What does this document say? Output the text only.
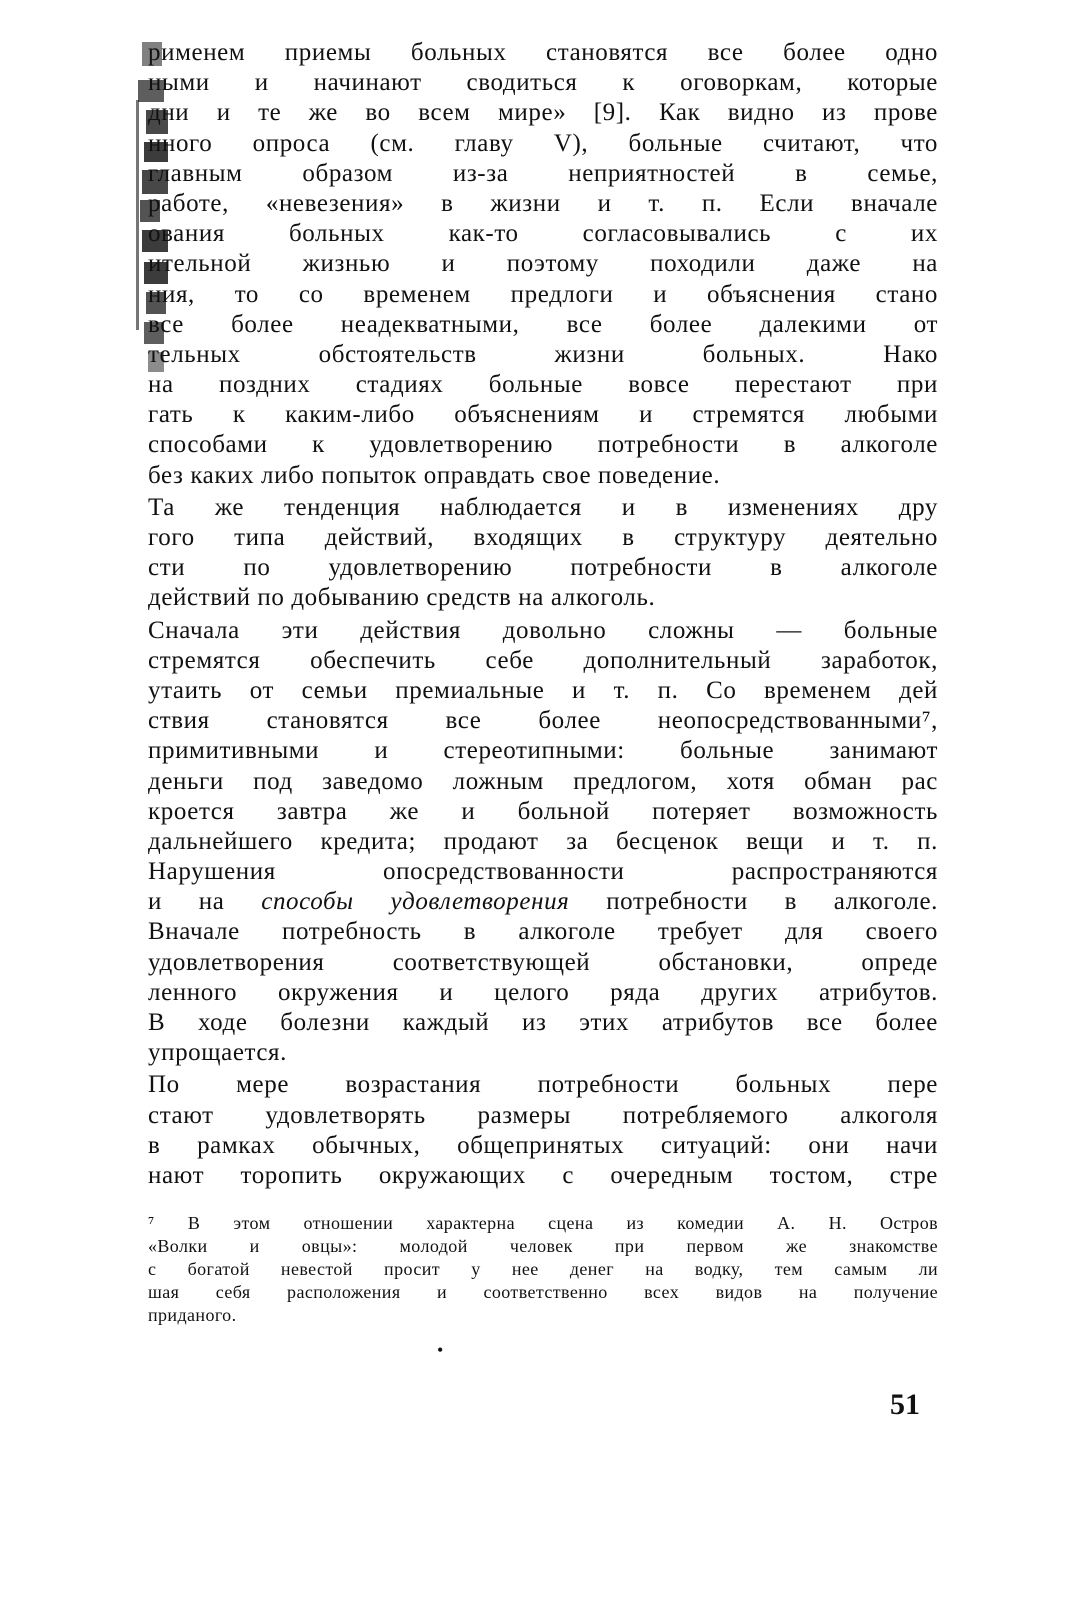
рименем приемы больных становятся все более одно
ными и начинают сводиться к оговоркам, которые
дни и те же во всем мире» [9]. Как видно из прове
нного опроса (см. главу V), больные считают, что
главным образом из-за неприятностей в семье,
работе, «невезения» в жизни и т. п. Если вначале
ования больных как-то согласовывались с их
ительной жизнью и поэтому походили даже на
ния, то со временем предлоги и объяснения стано
все более неадекватными, все более далекими от
тельных обстоятельств жизни больных. Нако
на поздних стадиях больные вовсе перестают при
гать к каким-либо объяснениям и стремятся любыми
способами к удовлетворению потребности в алкоголе
без каких либо попыток оправдать свое поведение.
Та же тенденция наблюдается и в изменениях дру
гого типа действий, входящих в структуру деятельно
сти по удовлетворению потребности в алкоголе
действий по добыванию средств на алкоголь.
Сначала эти действия довольно сложны — больные
стремятся обеспечить себе дополнительный заработок,
утаить от семьи премиальные и т. п. Со временем дей
ствия становятся все более неопосредствованными⁷,
примитивными и стереотипными: больные занимают
деньги под заведомо ложным предлогом, хотя обман рас
кроется завтра же и больной потеряет возможность
дальнейшего кредита; продают за бесценок вещи и т. п.
Нарушения опосредствованности распространяются
и на способы удовлетворения потребности в алкоголе.
Вначале потребность в алкоголе требует для своего
удовлетворения соответствующей обстановки, опреде
ленного окружения и целого ряда других атрибутов.
В ходе болезни каждый из этих атрибутов все более
упрощается.
По мере возрастания потребности больных пере
стают удовлетворять размеры потребляемого алкоголя
в рамках обычных, общепринятых ситуаций: они начи
нают торопить окружающих с очередным тостом, стре
⁷ В этом отношении характерна сцена из комедии А. Н. Остров
«Волки и овцы»: молодой человек при первом же знакомстве
с богатой невестой просит у нее денег на водку, тем самым ли
шая себя расположения и соответственно всех видов на получение
приданого.
•
51
